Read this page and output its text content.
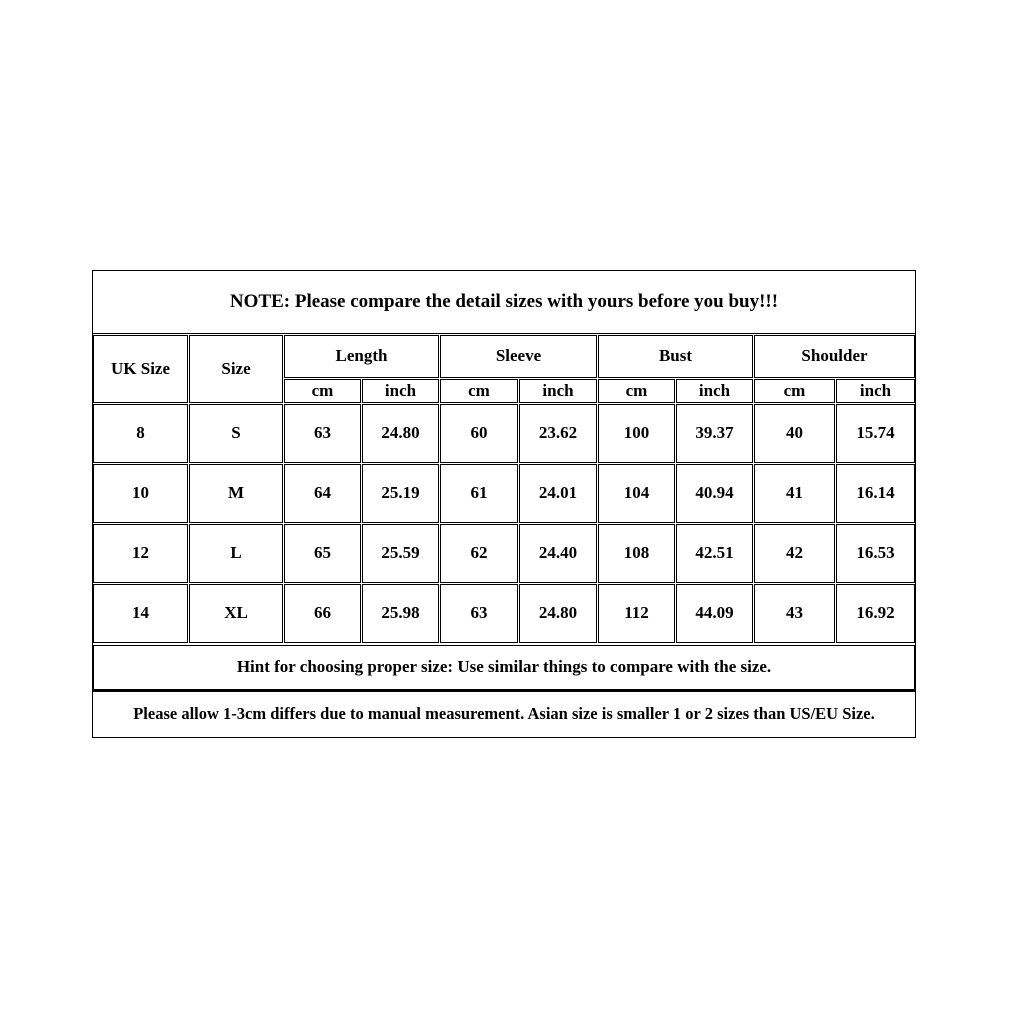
NOTE: Please compare the detail sizes with yours before you buy!!!
UK Size	Size
Length	Sleeve	Bust	Shoulder
cm	inch	cm	inch	cm	inch	cm	inch
8	S	63	24.80	60	23.62	100	39.37	40	15.74
10	M	64	25.19	61	24.01	104	40.94	41	16.14
12	L	65	25.59	62	24.40	108	42.51	42	16.53
14	XL	66	25.98	63	24.80	112	44.09	43	16.92
Hint for choosing proper size: Use similar things to compare with the size.
Please allow 1-3cm differs due to manual measurement. Asian size is smaller 1 or 2 sizes than US/EU Size.
